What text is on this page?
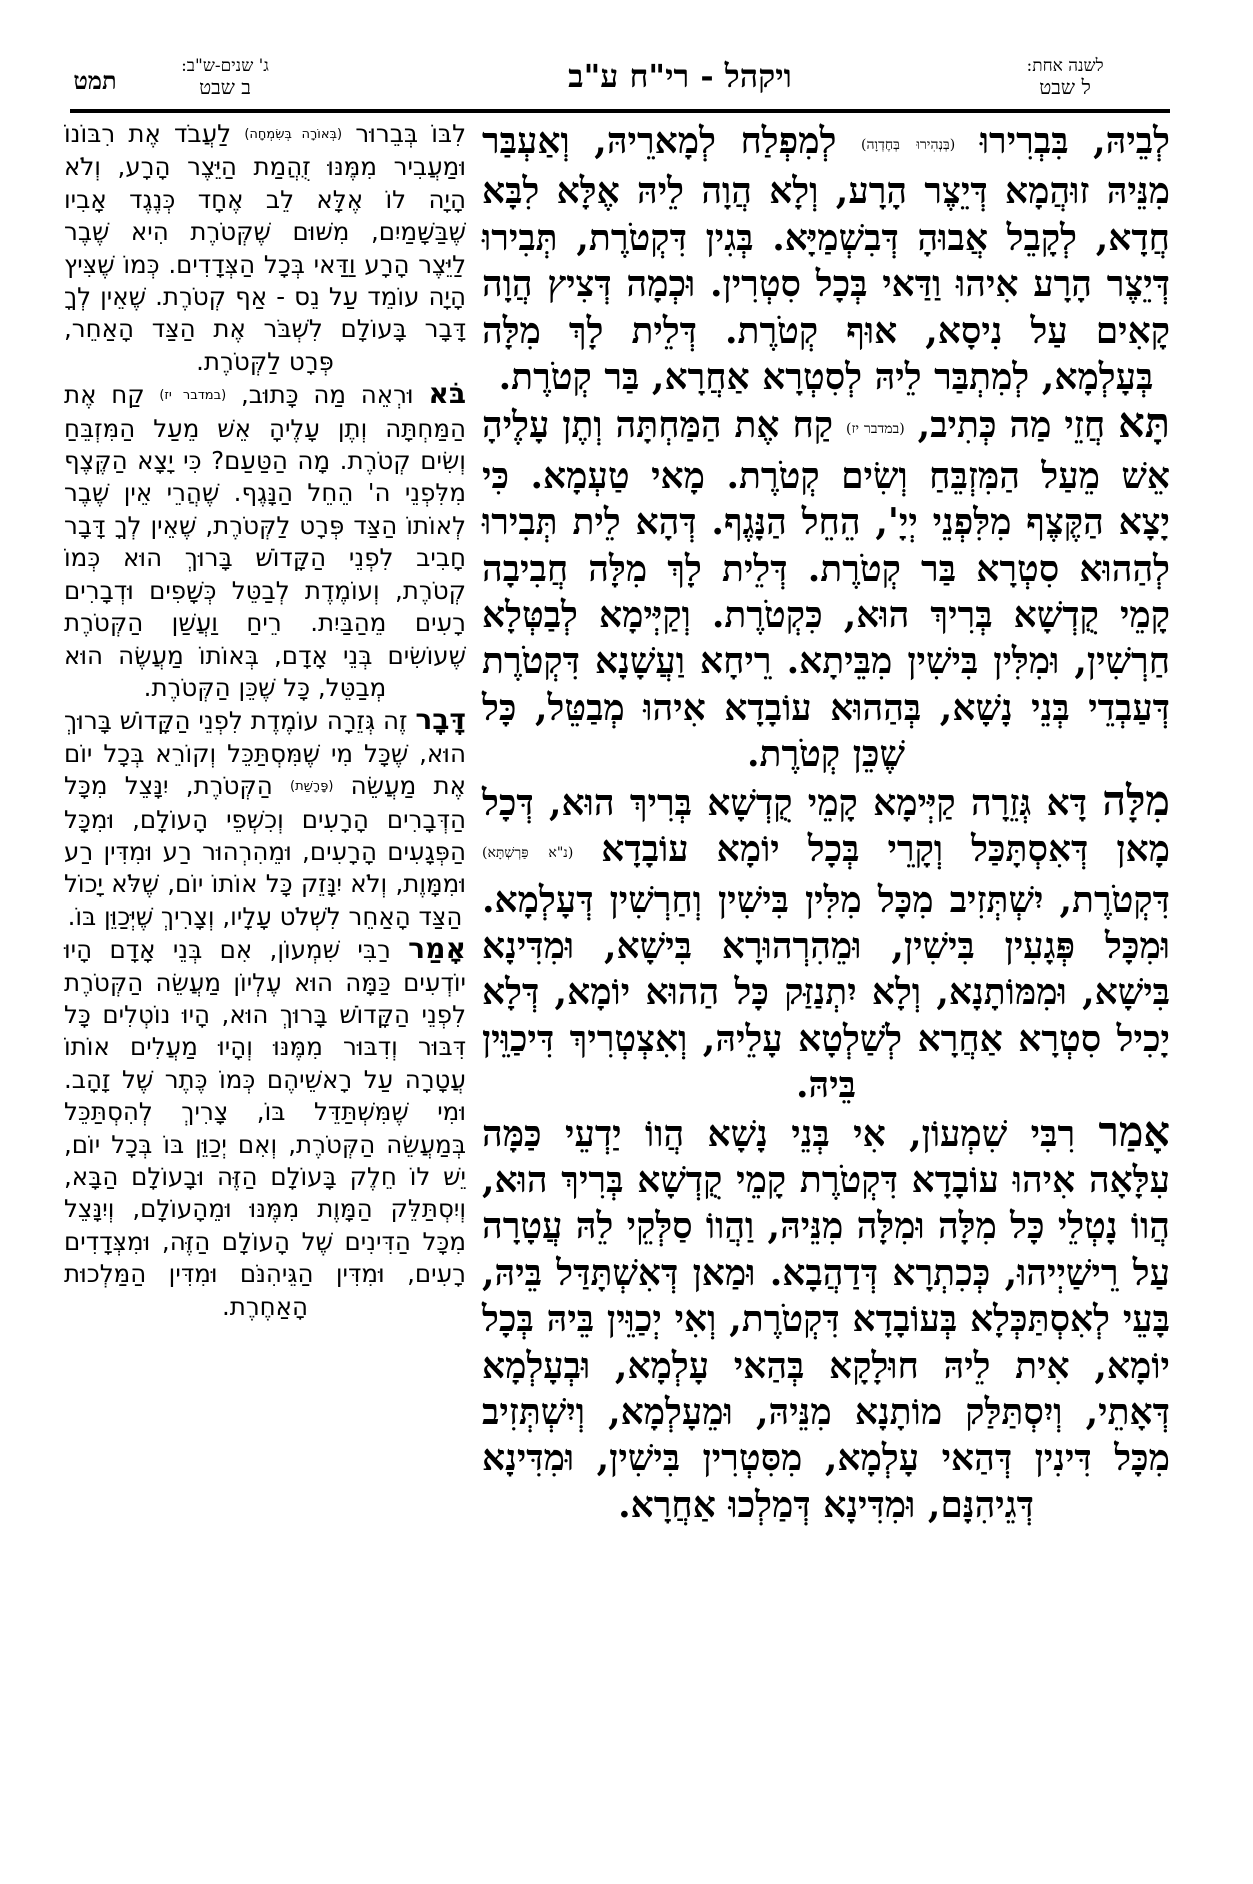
לשנה אחת:
ל שבט
ויקהל - רי"ח ע"ב
ג' שנים-ש"ב:
ב שבט
תמט

לְבֵיהּ, בִּבְרִירוּ (בְּנְהִירוּ בְּחֶדְוָה) לְמִפְלַח לְמָארֵיהּ, וְאַעְבַּר מִנֵּיהּ זוּהֲמָא דְּיֵצֶר הָרָע, וְלָא הֲוָה לֵיהּ אֶלָּא לִבָּא חֲדָא, לְקָבֵל אֲבוּהָ דְּבִשְׁמַיָּא. בְּגִין דִּקְטֹרֶת, תְּבִירוּ דְּיֵצֶר הָרָע אִיהוּ וַדַּאי בְּכָל סִטְרִין. וּכְמָה דְּצִיץ הֲוָה קָאִים עַל נִיסָא, אוּף קְטֹרֶת. דְּלֵית לָךְ מִלָּה בְּעָלְמָא, לְמִתְבַּר לֵיהּ לְסִטְרָא אַחֲרָא, בַּר קְטֹרֶת.

תָּא חֲזֵי מַה כְּתִיב, (במדבר יז) קַח אֶת הַמַּחְתָּה וְתֶן עָלֶיהָ אֵשׁ מֵעַל הַמִּזְבֵּחַ וְשִׂים קְטֹרֶת. מָאי טַעְמָא. כִּי יָצָא הַקֶּצֶף מִלִּפְנֵי יְיָ', הֵחֵל הַנָּגֶף. דְּהָא לֵית תְּבִירוּ לְהַהוּא סִטְרָא בַּר קְטֹרֶת. דְּלֵית לָךְ מִלָּה חֲבִיבָה קָמֵי קֻדְשָׁא בְּרִיךְ הוּא, כִּקְטֹרֶת. וְקַיְּימָא לְבַטְּלָא חַרְשִׁין, וּמִלִּין בִּישִׁין מִבֵּיתָא. רֵיחָא וַעֲשָׁנָא דִּקְטֹרֶת דְּעַבְדֵי בְּנֵי נָשָׁא, בְּהַהוּא עוֹבָדָא אִיהוּ מְבַטֵּל, כָּל שֶׁכֵּן קְטֹרֶת.

מִלָּה דָּא גְּזֵרָה קַיְּימָא קָמֵי קֻדְשָׁא בְּרִיךְ הוּא, דְּכָל מָאן דְּאִסְתָּכַּל וְקָרֵי בְּכָל יוֹמָא עוֹבָדָא (נ"א פַּרְשְׁתָּא) דִּקְטֹרֶת, יִשְׁתְּזִיב מִכָּל מִלִּין בִּישִׁין וְחַרְשִׁין דְּעָלְמָא. וּמִכָּל פְּגָעִין בִּישִׁין, וּמֵהִרְהוּרָא בִּישָׁא, וּמִדִּינָא בִּישָׁא, וּמִמּוֹתָנָא, וְלָא יִתְנַזַּק כָּל הַהוּא יוֹמָא, דְּלָא יָכִיל סִטְרָא אַחֲרָא לְשַׁלְטָא עָלֵיהּ, וְאִצְטְרִיךְ דִּיכַוֵּין בֵּיהּ.

אָמַר רִבִּי שִׁמְעוֹן, אִי בְּנֵי נָשָׁא הֲווֹ יַדְעֵי כַּמָּה עִלָּאָה אִיהוּ עוֹבָדָא דִּקְטֹרֶת קָמֵי קֻדְשָׁא בְּרִיךְ הוּא, הֲווֹ נָטְלֵי כָּל מִלָּה וּמִלָּה מִנֵּיהּ, וַהֲווֹ סַלְּקֵי לֵהּ עֲטָרָה עַל רֵישַׁיְיהוּ, כְּכִתְרָא דְּדַהֲבָא. וּמַאן דְּאִשְׁתָּדַּל בֵּיהּ, בָּעֵי לְאִסְתַּכְּלָא בְּעוֹבָדָא דִּקְטֹרֶת, וְאִי יְכַוֵּין בֵּיהּ בְּכָל יוֹמָא, אִית לֵיהּ חוּלָקָא בְּהַאי עָלְמָא, וּבְעָלְמָא דְּאָתֵי, וְיִסְתַּלַּק מוֹתָנָא מִנֵּיהּ, וּמֵעָלְמָא, וְיִשְׁתְּזִיב מִכָּל דִּינִין דְּהַאי עָלְמָא, מִסִּטְרִין בִּישִׁין, וּמִדִּינָא דְּגֵיהִנָּם, וּמִדִּינָא דְּמַלְכוּ אַחֲרָא.

לִבּוֹ בְּבֵרוּר (בְּאוֹרָה בְּשִׂמְחָה) לַעֲבֹד אֶת רִבּוֹנוֹ וּמַעֲבִיר מִמֶּנּוּ זֻהֲמַת הַיֵּצֶר הָרָע, וְלֹא הָיָה לוֹ אֶלָּא לֵב אֶחָד כְּנֶגֶד אָבִיו שֶׁבַּשָּׁמַיִם, מִשּׁוּם שֶׁקְּטֹרֶת הִיא שֶׁבֶר לַיֵּצֶר הָרָע וַדַּאי בְּכָל הַצְּדָדִים. כְּמוֹ שֶׁצִּיץ הָיָה עוֹמֵד עַל נֵס - אַף קְטֹרֶת. שֶׁאֵין לְךָ דָּבָר בָּעוֹלָם לִשְׁבֹּר אֶת הַצַּד הָאַחֵר, פְּרָט לַקְּטֹרֶת.

בֹּא וּרְאֵה מַה כָּתוּב, (במדבר יז) קַח אֶת הַמַּחְתָּה וְתֶן עָלֶיהָ אֵשׁ מֵעַל הַמִּזְבֵּחַ וְשִׂים קְטֹרֶת. מָה הַטַּעַם? כִּי יָצָא הַקֶּצֶף מִלִּפְנֵי ה' הֵחֵל הַנָּגֶף. שֶׁהֲרֵי אֵין שֶׁבֶר לְאוֹתוֹ הַצַּד פְּרָט לַקְּטֹרֶת, שֶׁאֵין לְךָ דָּבָר חָבִיב לִפְנֵי הַקָּדוֹשׁ בָּרוּךְ הוּא כְּמוֹ קְטֹרֶת, וְעוֹמֶדֶת לְבַטֵּל כְּשָׁפִים וּדְבָרִים רָעִים מֵהַבַּיִת. רֵיחַ וַעֲשַׁן הַקְּטֹרֶת שֶׁעוֹשִׂים בְּנֵי אָדָם, בְּאוֹתוֹ מַעֲשֶׂה הוּא מְבַטֵּל, כָּל שֶׁכֵּן הַקְּטֹרֶת.

דָּבָר זֶה גְּזֵרָה עוֹמֶדֶת לִפְנֵי הַקָּדוֹשׁ בָּרוּךְ הוּא, שֶׁכָּל מִי שֶׁמִּסְתַּכֵּל וְקוֹרֵא בְּכָל יוֹם אֶת מַעֲשֵׂה (פָּרָשַׁת) הַקְּטֹרֶת, יִנָּצֵל מִכָּל הַדְּבָרִים הָרָעִים וְכִשְׁפֵי הָעוֹלָם, וּמִכָּל הַפְּגָעִים הָרָעִים, וּמֵהִרְהוּר רַע וּמִדִּין רַע וּמִמָּוֶת, וְלֹא יִנָּזֵק כָּל אוֹתוֹ יוֹם, שֶׁלֹּא יָכוֹל הַצַּד הָאַחֵר לִשְׁלֹט עָלָיו, וְצָרִיךְ שֶׁיְּכַוֵּן בּוֹ.

אָמַר רַבִּי שִׁמְעוֹן, אִם בְּנֵי אָדָם הָיוּ יוֹדְעִים כַּמָּה הוּא עֶלְיוֹן מַעֲשֵׂה הַקְּטֹרֶת לִפְנֵי הַקָּדוֹשׁ בָּרוּךְ הוּא, הָיוּ נוֹטְלִים כָּל דִּבּוּר וְדִבּוּר מִמֶּנּוּ וְהָיוּ מַעֲלִים אוֹתוֹ עֲטָרָה עַל רָאשֵׁיהֶם כְּמוֹ כֶּתֶר שֶׁל זָהָב. וּמִי שֶׁמִּשְׁתַּדֵּל בּוֹ, צָרִיךְ לְהִסְתַּכֵּל בְּמַעֲשֵׂה הַקְּטֹרֶת, וְאִם יְכַוֵּן בּוֹ בְּכָל יוֹם, יֵשׁ לוֹ חֵלֶק בָּעוֹלָם הַזֶּה וּבָעוֹלָם הַבָּא, וְיִסְתַּלֵּק הַמָּוֶת מִמֶּנּוּ וּמֵהָעוֹלָם, וְיִנָּצֵל מִכָּל הַדִּינִים שֶׁל הָעוֹלָם הַזֶּה, וּמִצְּדָדִים רָעִים, וּמִדִּין הַגֵּיהִנֹּם וּמִדִּין הַמַּלְכוּת הָאַחֶרֶת.
